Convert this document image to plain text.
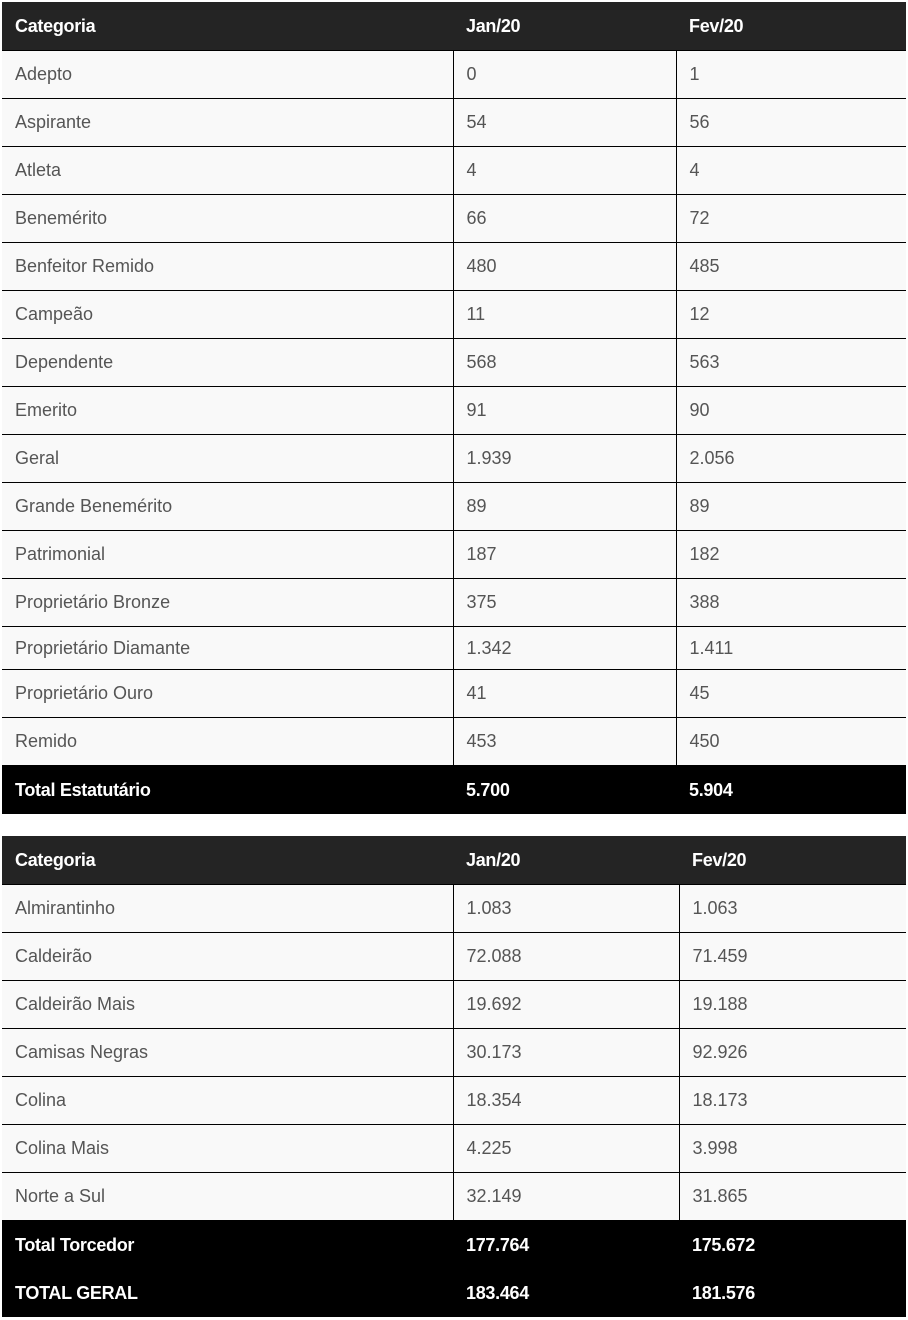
Categoria	Jan/20	Fev/20
Adepto	0	1
Aspirante	54	56
Atleta	4	4
Benemérito	66	72
Benfeitor Remido	480	485
Campeão	11	12
Dependente	568	563
Emerito	91	90
Geral	1.939	2.056
Grande Benemérito	89	89
Patrimonial	187	182
Proprietário Bronze	375	388
Proprietário Diamante	1.342	1.411
Proprietário Ouro	41	45
Remido	453	450
Total Estatutário	5.700	5.904
Categoria	Jan/20	Fev/20
Almirantinho	1.083	1.063
Caldeirão	72.088	71.459
Caldeirão Mais	19.692	19.188
Camisas Negras	30.173	92.926
Colina	18.354	18.173
Colina Mais	4.225	3.998
Norte a Sul	32.149	31.865
Total Torcedor	177.764	175.672
TOTAL GERAL	183.464	181.576
